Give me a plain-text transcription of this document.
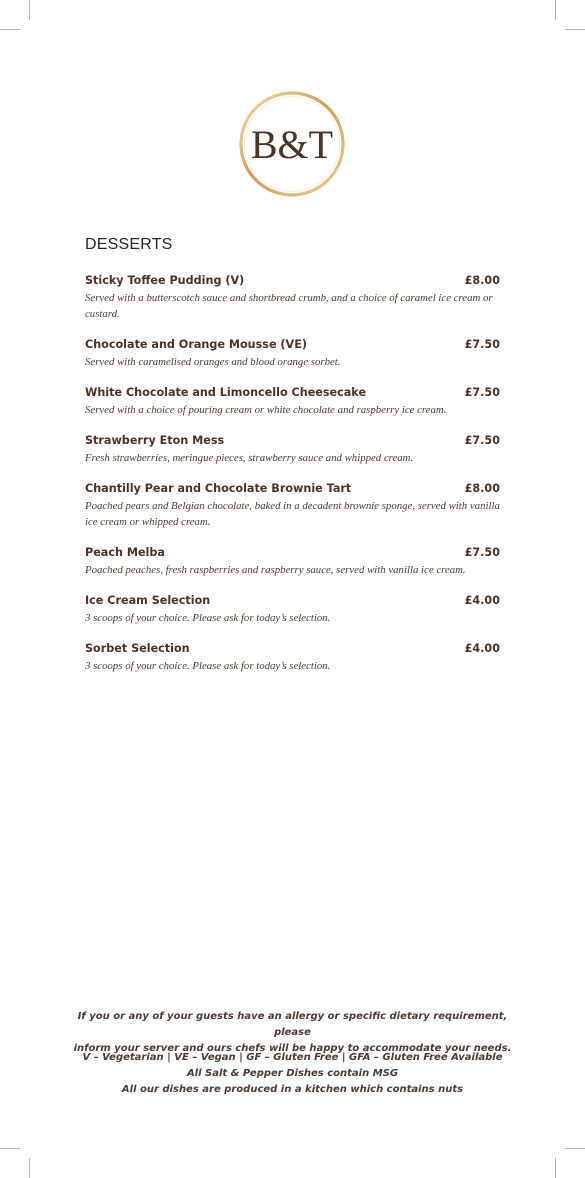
B&T
DESSERTS
Sticky Toffee Pudding (V)	£8.00
Served with a butterscotch sauce and shortbread crumb, and a choice of caramel ice cream or custard.
Chocolate and Orange Mousse (VE)	£7.50
Served with caramelised oranges and blood orange sorbet.
White Chocolate and Limoncello Cheesecake	£7.50
Served with a choice of pouring cream or white chocolate and raspberry ice cream.
Strawberry Eton Mess	£7.50
Fresh strawberries, meringue pieces, strawberry sauce and whipped cream.
Chantilly Pear and Chocolate Brownie Tart	£8.00
Poached pears and Belgian chocolate, baked in a decadent brownie sponge, served with vanilla ice cream or whipped cream.
Peach Melba	£7.50
Poached peaches, fresh raspberries and raspberry sauce, served with vanilla ice cream.
Ice Cream Selection	£4.00
3 scoops of your choice. Please ask for today’s selection.
Sorbet Selection	£4.00
3 scoops of your choice. Please ask for today’s selection.
If you or any of your guests have an allergy or specific dietary requirement, please
inform your server and ours chefs will be happy to accommodate your needs.
V – Vegetarian | VE – Vegan | GF – Gluten Free | GFA – Gluten Free Available
All Salt & Pepper Dishes contain MSG
All our dishes are produced in a kitchen which contains nuts
